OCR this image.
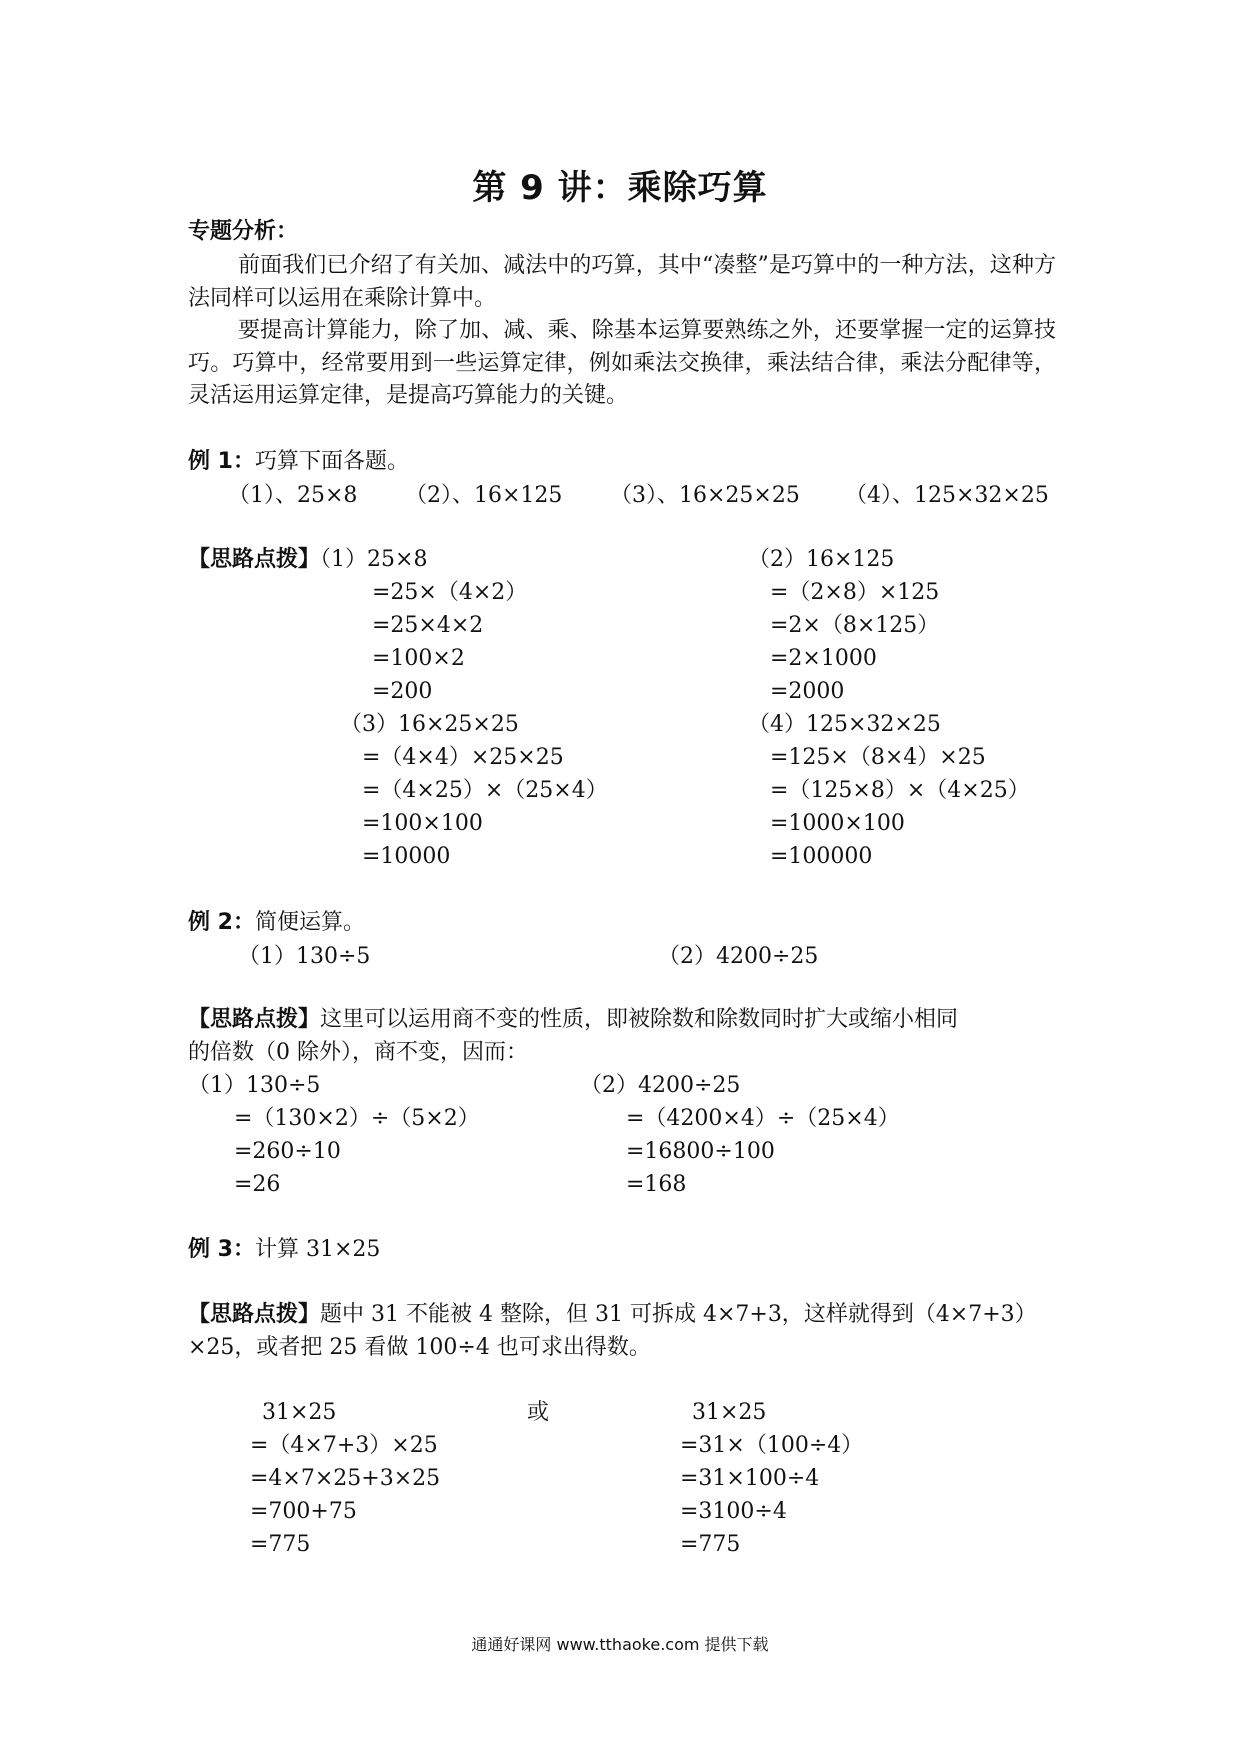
第 9 讲：乘除巧算
专题分析：
前面我们已介绍了有关加、减法中的巧算，其中“凑整”是巧算中的一种方法，这种方法同样可以运用在乘除计算中。
要提高计算能力，除了加、减、乘、除基本运算要熟练之外，还要掌握一定的运算技巧。巧算中，经常要用到一些运算定律，例如乘法交换律，乘法结合律，乘法分配律等，灵活运用运算定律，是提高巧算能力的关键。
例 1：巧算下面各题。
（1）、25×8 （2）、16×125 （3）、16×25×25 （4）、125×32×25
【思路点拨】（1）25×8
=25×（4×2）
=25×4×2
=100×2
=200
（2）16×125
=（2×8）×125
=2×（8×125）
=2×1000
=2000
（3）16×25×25
=（4×4）×25×25
=（4×25）×（25×4）
=100×100
=10000
（4）125×32×25
=125×（8×4）×25
=（125×8）×（4×25）
=1000×100
=100000
例 2：简便运算。
（1）130÷5	（2）4200÷25
【思路点拨】这里可以运用商不变的性质，即被除数和除数同时扩大或缩小相同
的倍数（0 除外），商不变，因而：
（1）130÷5
=（130×2）÷（5×2）
=260÷10
=26
（2）4200÷25
=（4200×4）÷（25×4）
=16800÷100
=168
例 3：计算 31×25
【思路点拨】题中 31 不能被 4 整除，但 31 可拆成 4×7+3，这样就得到（4×7+3）
×25，或者把 25 看做 100÷4 也可求出得数。
31×25
=（4×7+3）×25
=4×7×25+3×25
=700+75
=775
或	31×25
=31×（100÷4）
=31×100÷4
=3100÷4
=775
通通好课网 www.tthaoke.com 提供下载
